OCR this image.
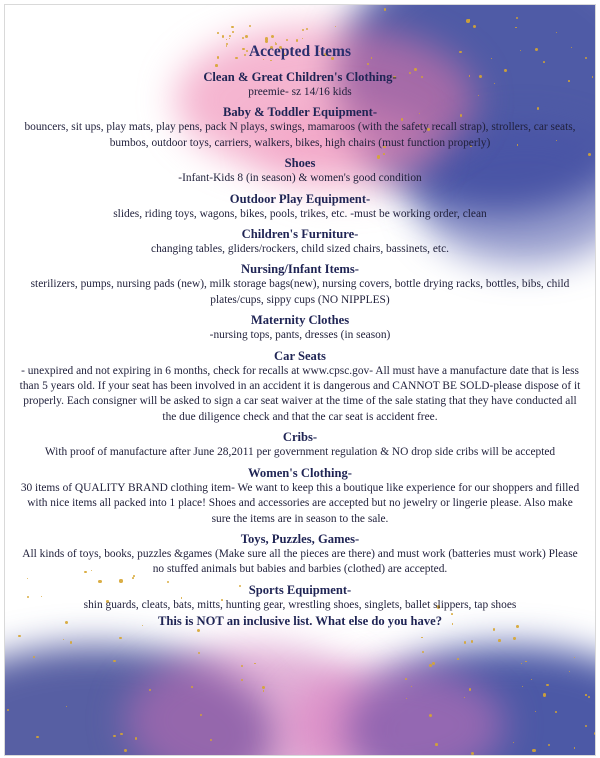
Accepted Items
Clean & Great Children's Clothing-
preemie- sz 14/16 kids
Baby & Toddler Equipment-
bouncers, sit ups, play mats, play pens, pack N plays, swings, mamaroos (with the safety recall strap), strollers, car seats, bumbos, outdoor toys, carriers, walkers, bikes, high chairs (must function properly)
Shoes
-Infant-Kids 8 (in season) & women's good condition
Outdoor Play Equipment-
slides, riding toys, wagons, bikes, pools, trikes, etc. -must be working order, clean
Children's Furniture-
changing tables, gliders/rockers, child sized chairs, bassinets, etc.
Nursing/Infant Items-
sterilizers, pumps, nursing pads (new), milk storage bags(new), nursing covers, bottle drying racks, bottles, bibs, child plates/cups, sippy cups (NO NIPPLES)
Maternity Clothes
-nursing tops, pants, dresses (in season)
Car Seats
- unexpired and not expiring in 6 months, check for recalls at www.cpsc.gov- All must have a manufacture date that is less than 5 years old. If your seat has been involved in an accident it is dangerous and CANNOT BE SOLD-please dispose of it properly. Each consigner will be asked to sign a car seat waiver at the time of the sale stating that they have conducted all the due diligence check and that the car seat is accident free.
Cribs-
With proof of manufacture after June 28,2011 per government regulation & NO drop side cribs will be accepted
Women's Clothing-
30 items of QUALITY BRAND clothing item- We want to keep this a boutique like experience for our shoppers and filled with nice items all packed into 1 place! Shoes and accessories are accepted but no jewelry or lingerie please. Also make sure the items are in season to the sale.
Toys, Puzzles, Games-
All kinds of toys, books, puzzles &games (Make sure all the pieces are there) and must work (batteries must work) Please no stuffed animals but babies and barbies (clothed) are accepted.
Sports Equipment-
shin guards, cleats, bats, mitts, hunting gear, wrestling shoes, singlets, ballet slippers, tap shoes
This is NOT an inclusive list. What else do you have?
